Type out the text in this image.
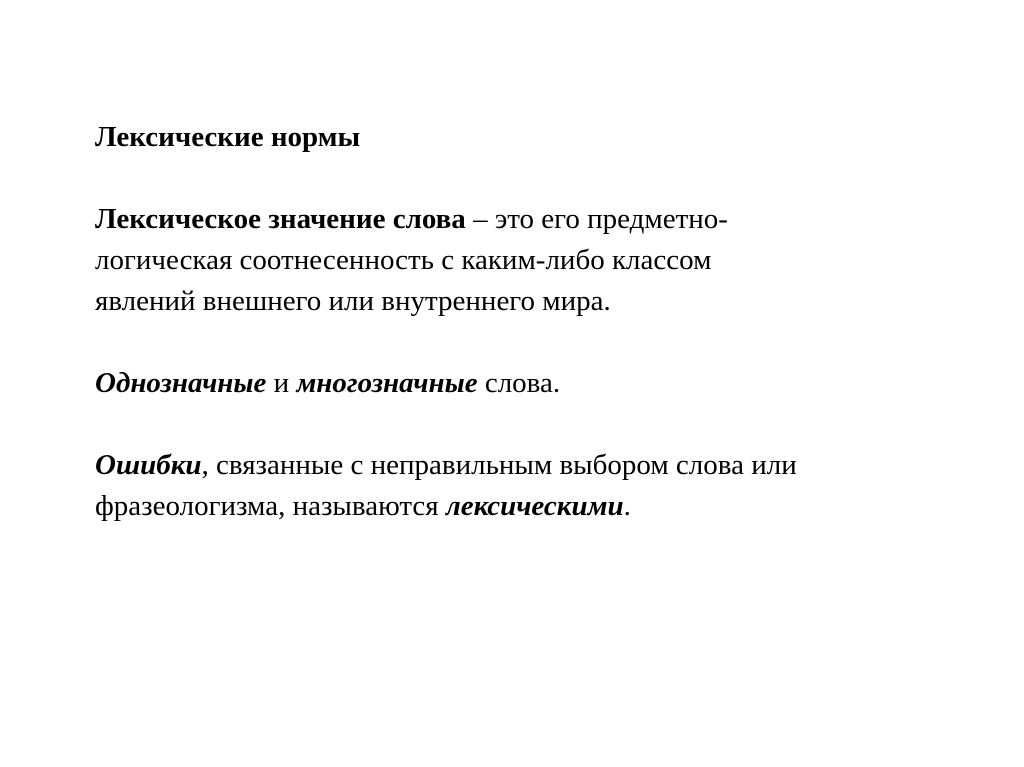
Лексические нормы

Лексическое значение слова – это его предметно-
логическая соотнесенность с каким-либо классом
явлений внешнего или внутреннего мира.

Однозначные и многозначные слова.

Ошибки, связанные с неправильным выбором слова или
фразеологизма, называются лексическими.
